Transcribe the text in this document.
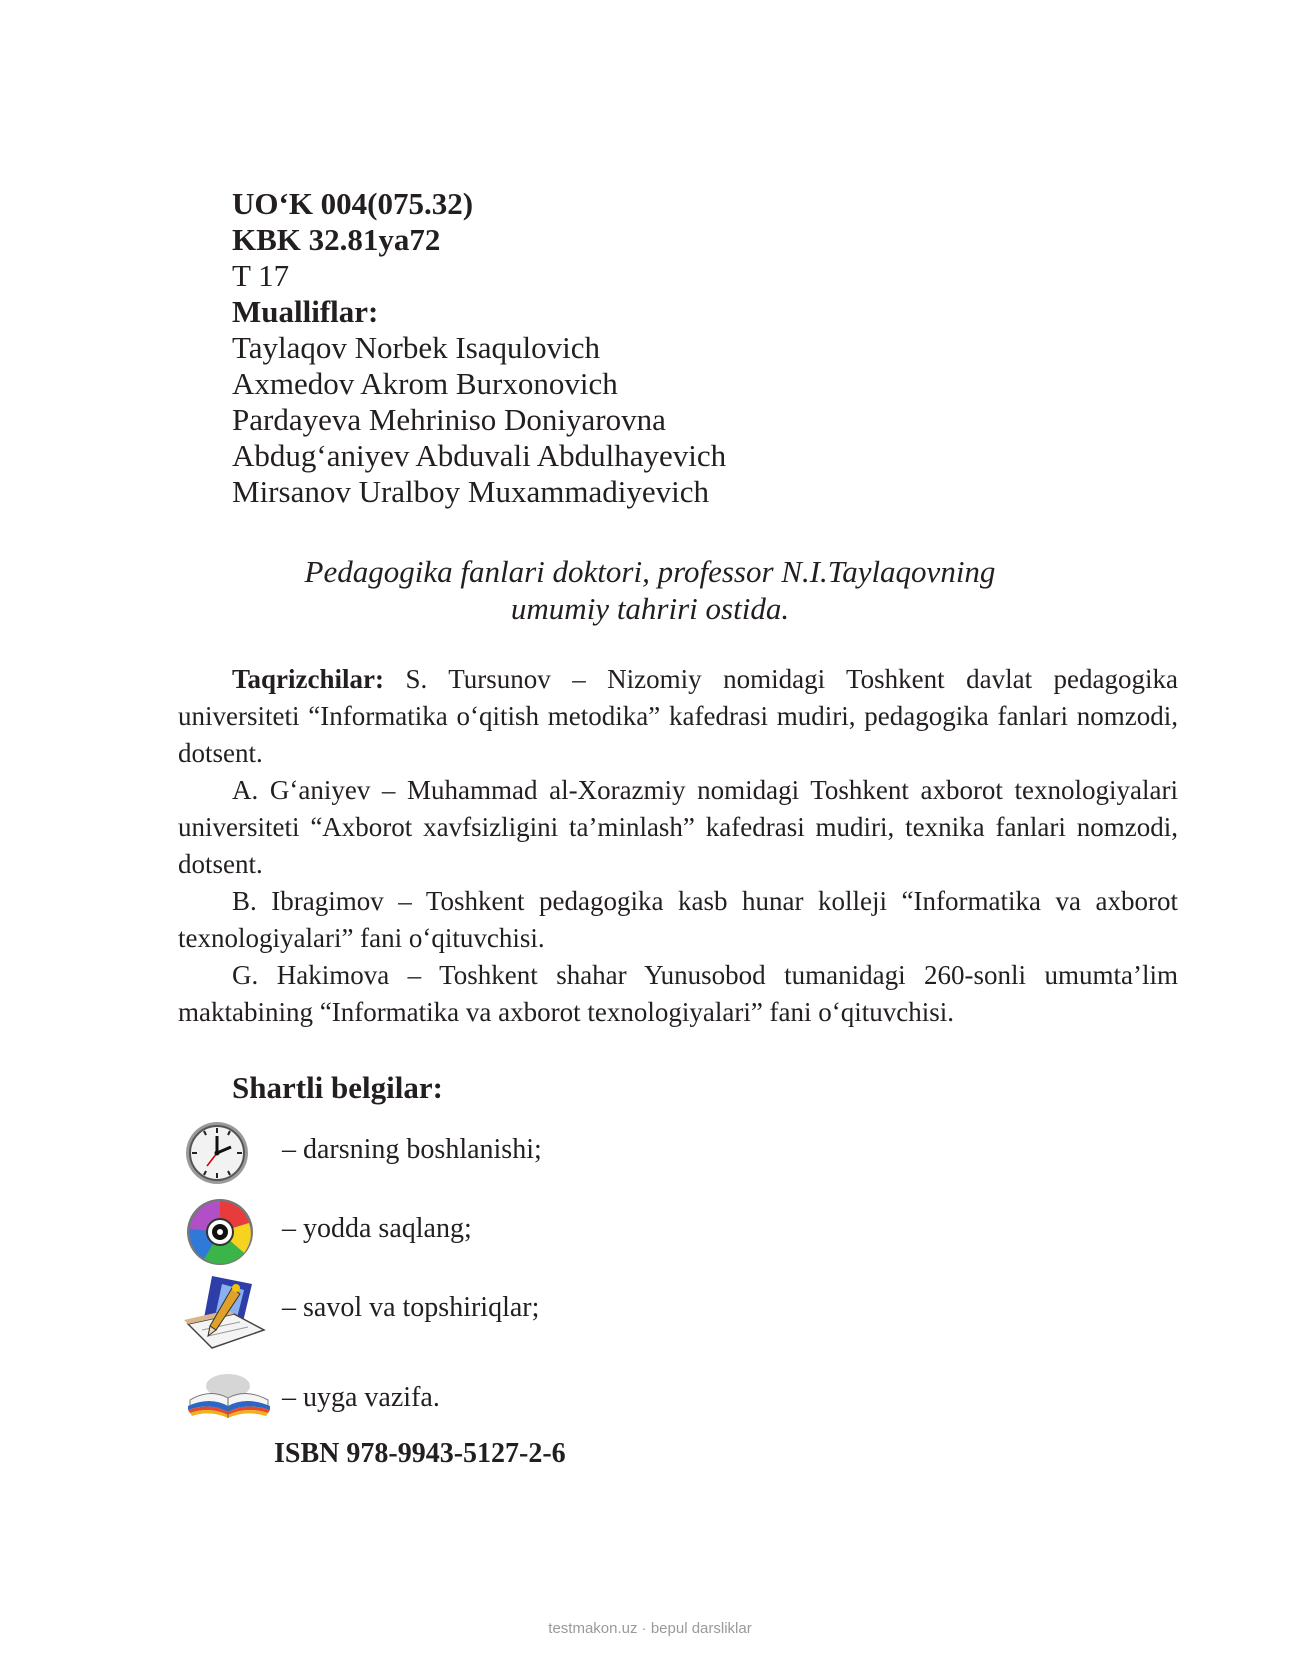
UO‘K 004(075.32)
KBK 32.81ya72
T 17
Mualliflar:
Taylaqov Norbek Isaqulovich
Axmedov Akrom Burxonovich
Pardayeva Mehriniso Doniyarovna
Abdug‘aniyev Abduvali Abdulhayevich
Mirsanov Uralboy Muxammadiyevich
Pedagogika fanlari doktori, professor N.I.Taylaqovning
umumiy tahriri ostida.

Taqrizchilar: S. Tursunov – Nizomiy nomidagi Toshkent davlat pedagogika universiteti “Informatika o‘qitish metodika” kafedrasi mudiri, pedagogika fanlari nomzodi, dotsent.

A. G‘aniyev – Muhammad al-Xorazmiy nomidagi Toshkent axborot texnologiyalari universiteti “Axborot xavfsizligini ta’minlash” kafedrasi mudiri, texnika fanlari nomzodi, dotsent.

B. Ibragimov – Toshkent pedagogika kasb hunar kolleji “Informatika va axborot texnologiyalari” fani o‘qituvchisi.

G. Hakimova – Toshkent shahar Yunusobod tumanidagi 260-sonli umumta’lim maktabining “Informatika va axborot texnologiyalari” fani o‘qituvchisi.

Shartli belgilar:
– darsning boshlanishi;
– yodda saqlang;
– savol va topshiriqlar;
– uyga vazifa.
ISBN 978-9943-5127-2-6
testmakon.uz · bepul darsliklar
